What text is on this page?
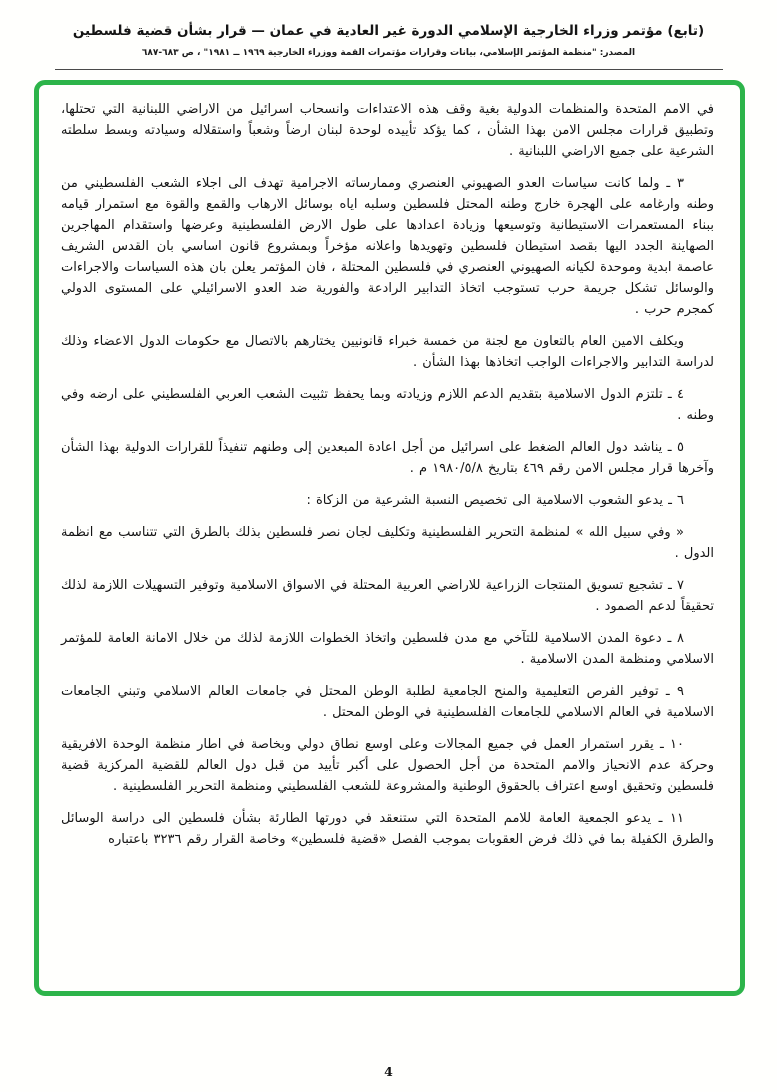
(تابع) مؤتمر وزراء الخارجية الإسلامي الدورة غير العادية في عمان — قرار بشأن قضية فلسطين
المصدر: "منظمة المؤتمر الإسلامي، بيانات وقرارات مؤتمرات القمة ووزراء الخارجية ١٩٦٩ ــ ١٩٨١" ، ص ٦٨٣-٦٨٧

في الامم المتحدة والمنظمات الدولية بغية وقف هذه الاعتداءات وانسحاب اسرائيل من الاراضي اللبنانية التي تحتلها، وتطبيق قرارات مجلس الامن بهذا الشأن ، كما يؤكد تأييده لوحدة لبنان ارضاً وشعباً واستقلاله وسيادته وبسط سلطته الشرعية على جميع الاراضي اللبنانية .

٣ ـ ولما كانت سياسات العدو الصهيوني العنصري وممارساته الاجرامية تهدف الى اجلاء الشعب الفلسطيني من وطنه وارغامه على الهجرة خارج وطنه المحتل فلسطين وسلبه اياه بوسائل الارهاب والقمع والقوة مع استمرار قيامه ببناء المستعمرات الاستيطانية وتوسيعها وزيادة اعدادها على طول الارض الفلسطينية وعرضها واستقدام المهاجرين الصهاينة الجدد اليها بقصد استيطان فلسطين وتهويدها واعلانه مؤخراً وبمشروع قانون اساسي بان القدس الشريف عاصمة ابدية وموحدة لكيانه الصهيوني العنصري في فلسطين المحتلة ، فان المؤتمر يعلن بان هذه السياسات والاجراءات والوسائل تشكل جريمة حرب تستوجب اتخاذ التدابير الرادعة والفورية ضد العدو الاسرائيلي على المستوى الدولي كمجرم حرب .

ويكلف الامين العام بالتعاون مع لجنة من خمسة خبراء قانونيين يختارهم بالاتصال مع حكومات الدول الاعضاء وذلك لدراسة التدابير والاجراءات الواجب اتخاذها بهذا الشأن .

٤ ـ تلتزم الدول الاسلامية بتقديم الدعم اللازم وزيادته وبما يحفظ تثبيت الشعب العربي الفلسطيني على ارضه وفي وطنه .

٥ ـ يناشد دول العالم الضغط على اسرائيل من أجل اعادة المبعدين إلى وطنهم تنفيذاً للقرارات الدولية بهذا الشأن وآخرها قرار مجلس الامن رقم ٤٦٩ بتاريخ ١٩٨٠/٥/٨ م .

٦ ـ يدعو الشعوب الاسلامية الى تخصيص النسبة الشرعية من الزكاة :

« وفي سبيل الله » لمنظمة التحرير الفلسطينية وتكليف لجان نصر فلسطين بذلك بالطرق التي تتناسب مع انظمة الدول .

٧ ـ تشجيع تسويق المنتجات الزراعية للاراضي العربية المحتلة في الاسواق الاسلامية وتوفير التسهيلات اللازمة لذلك تحقيقاً لدعم الصمود .

٨ ـ دعوة المدن الاسلامية للتآخي مع مدن فلسطين واتخاذ الخطوات اللازمة لذلك من خلال الامانة العامة للمؤتمر الاسلامي ومنظمة المدن الاسلامية .

٩ ـ توفير الفرص التعليمية والمنح الجامعية لطلبة الوطن المحتل في جامعات العالم الاسلامي وتبني الجامعات الاسلامية في العالم الاسلامي للجامعات الفلسطينية في الوطن المحتل .

١٠ ـ يقرر استمرار العمل في جميع المجالات وعلى اوسع نطاق دولي وبخاصة في اطار منظمة الوحدة الافريقية وحركة عدم الانحياز والامم المتحدة من أجل الحصول على أكبر تأييد من قبل دول العالم للقضية المركزية قضية فلسطين وتحقيق اوسع اعتراف بالحقوق الوطنية والمشروعة للشعب الفلسطيني ومنظمة التحرير الفلسطينية .

١١ ـ يدعو الجمعية العامة للامم المتحدة التي ستنعقد في دورتها الطارئة بشأن فلسطين الى دراسة الوسائل والطرق الكفيلة بما في ذلك فرض العقوبات بموجب الفصل «قضية فلسطين» وخاصة القرار رقم ٣٢٣٦ باعتباره

4
